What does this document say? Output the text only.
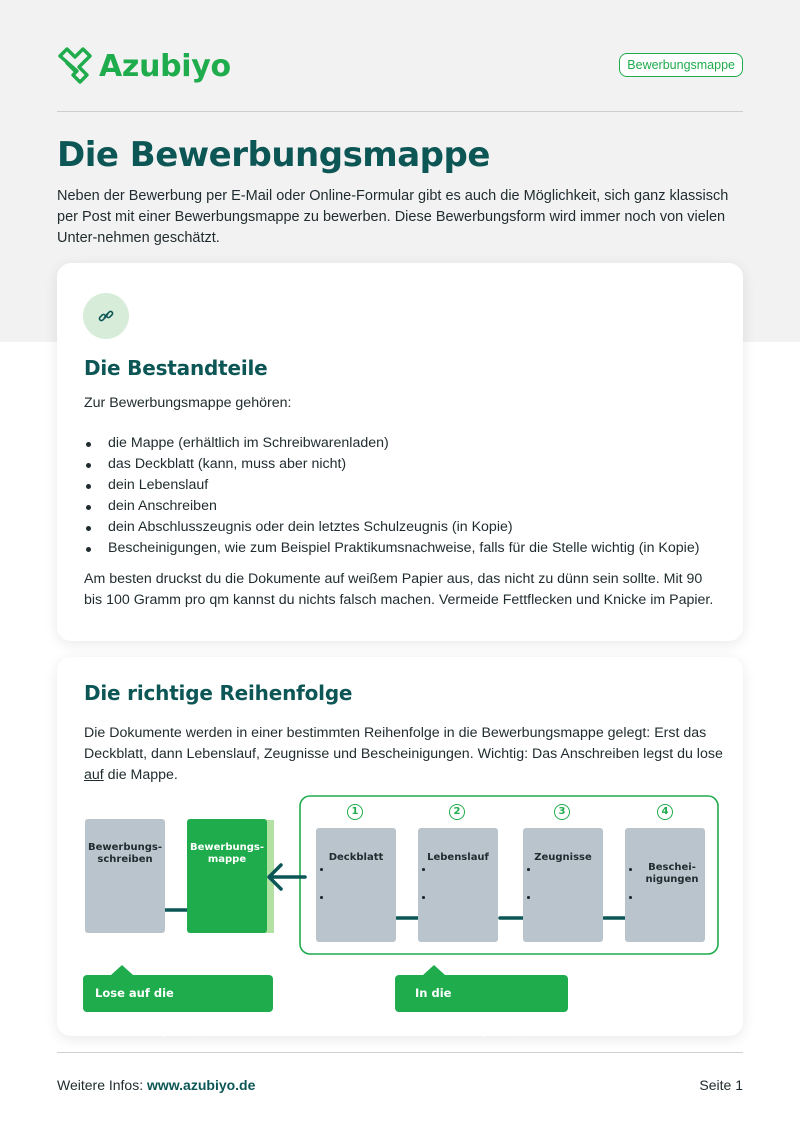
Azubiyo	Bewerbungsmappe
Die Bewerbungsmappe

Neben der Bewerbung per E-Mail oder Online-Formular gibt es auch die Möglichkeit, sich ganz klassisch per Post mit einer Bewerbungsmappe zu bewerben. Diese Bewerbungsform wird immer noch von vielen Unter-nehmen geschätzt.

Die Bestandteile

Zur Bewerbungsmappe gehören:

die Mappe (erhältlich im Schreibwarenladen)
das Deckblatt (kann, muss aber nicht)
dein Lebenslauf
dein Anschreiben
dein Abschlusszeugnis oder dein letztes Schulzeugnis (in Kopie)
Bescheinigungen, wie zum Beispiel Praktikumsnachweise, falls für die Stelle wichtig (in Kopie)

Am besten druckst du die Dokumente auf weißem Papier aus, das nicht zu dünn sein sollte. Mit 90 bis 100 Gramm pro qm kannst du nichts falsch machen. Vermeide Fettflecken und Knicke im Papier.

Die richtige Reihenfolge

Die Dokumente werden in einer bestimmten Reihenfolge in die Bewerbungsmappe gelegt: Erst das Deckblatt, dann Lebenslauf, Zeugnisse und Bescheinigungen. Wichtig: Das Anschreiben legst du lose auf die Mappe.

Bewerbungs-
schreiben
Bewerbungs-
mappe
1	2	3	4
Deckblatt	Lebenslauf	Zeugnisse
Beschei-
nigungen
Lose auf die Bewerbungsmappe
In die Bewerbungsmappe
Weitere Infos: www.azubiyo.de	Seite 1
